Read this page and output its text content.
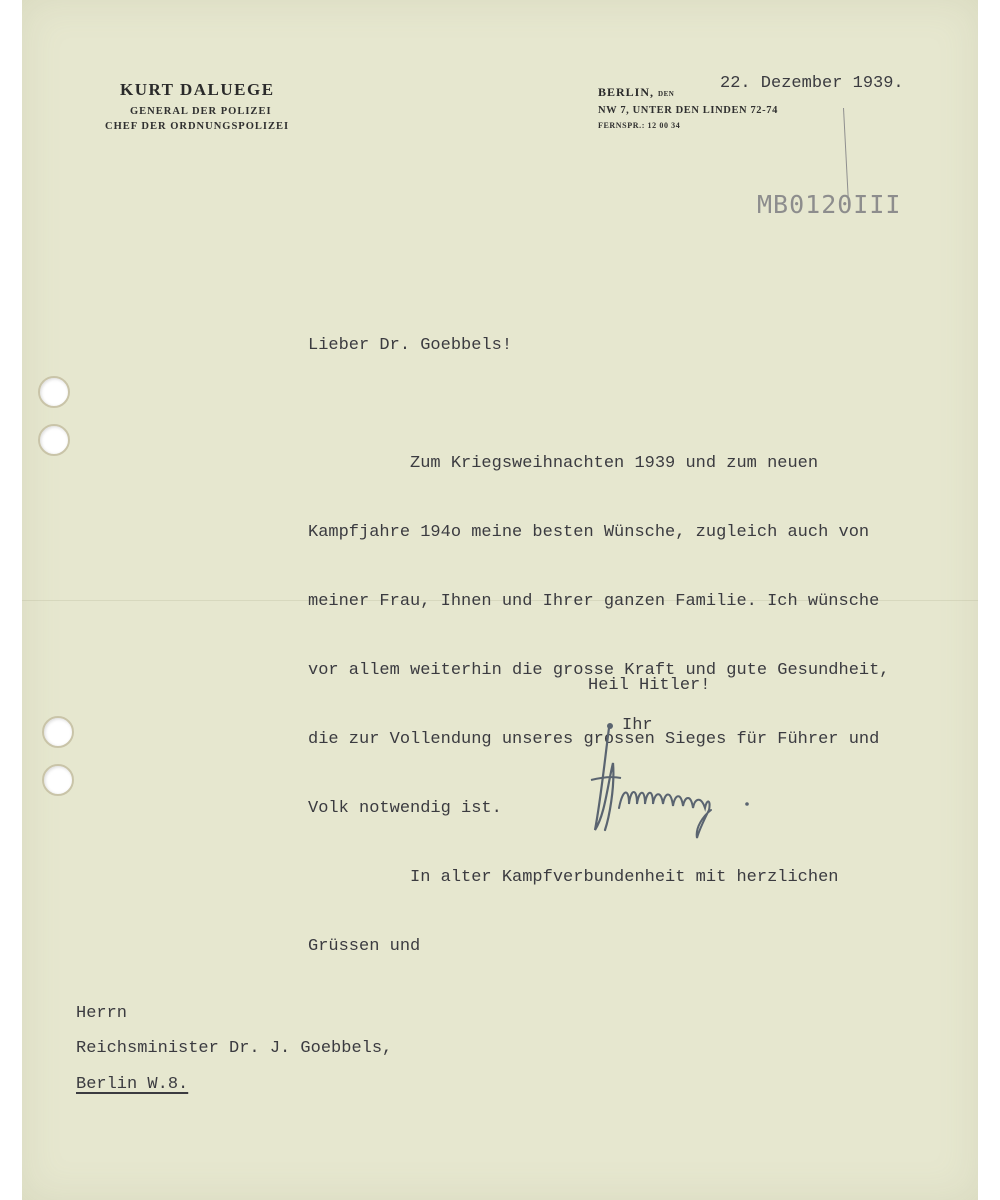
KURT DALUEGE
GENERAL DER POLIZEI
CHEF DER ORDNUNGSPOLIZEI
BERLIN, DEN
NW 7, UNTER DEN LINDEN 72-74
FERNSPR.: 12 00 34
22. Dezember 1939.
MB0120III
Lieber Dr. Goebbels!

Zum Kriegsweihnachten 1939 und zum neuen

Kampfjahre 194o meine besten Wünsche, zugleich auch von

meiner Frau, Ihnen und Ihrer ganzen Familie. Ich wünsche

vor allem weiterhin die grosse Kraft und gute Gesundheit,

die zur Vollendung unseres grossen Sieges für Führer und

Volk notwendig ist.

In alter Kampfverbundenheit mit herzlichen

Grüssen und

Heil Hitler!
Ihr
Herrn
Reichsminister Dr. J. Goebbels,
Berlin W.8.
